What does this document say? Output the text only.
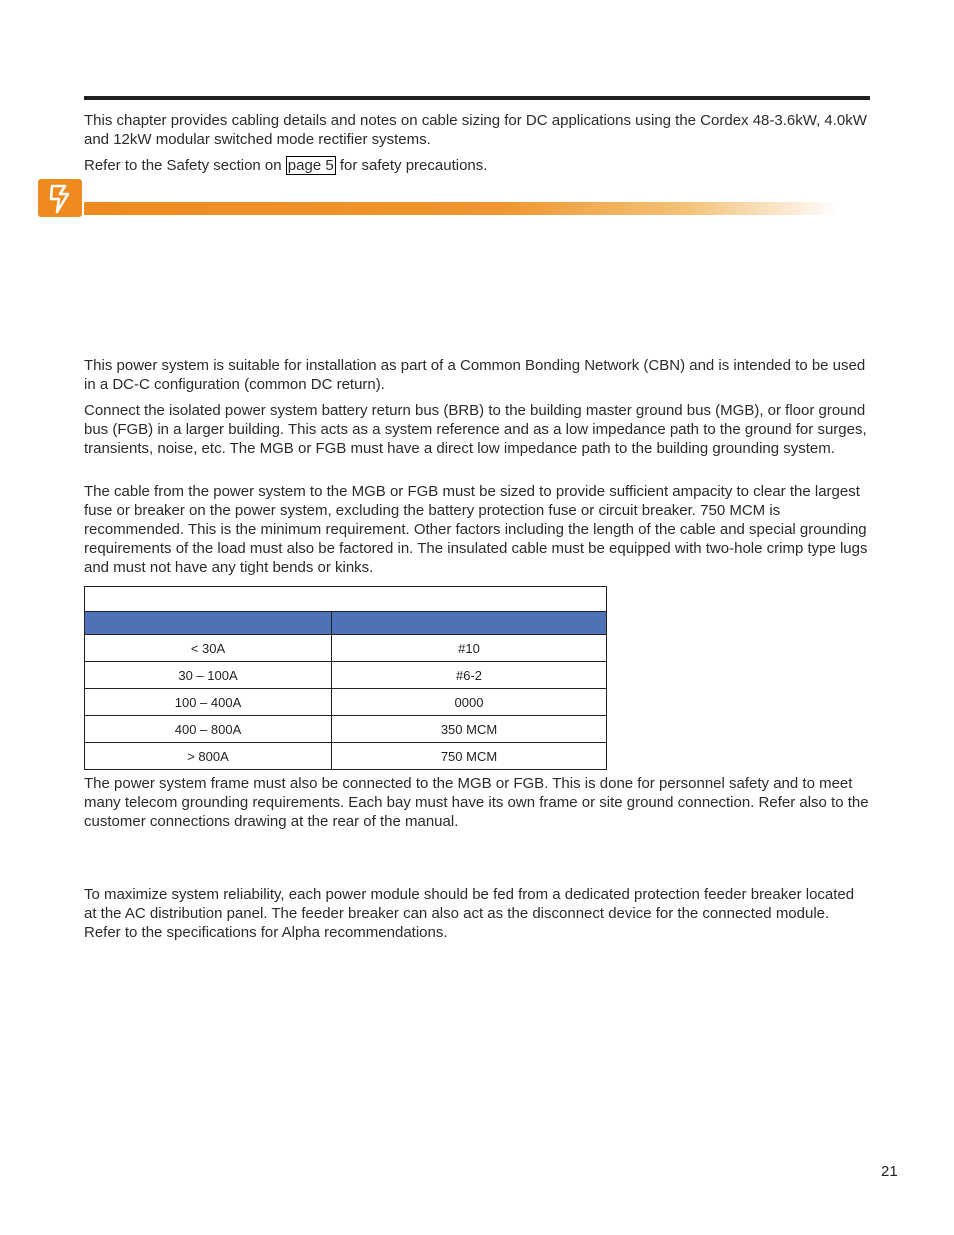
This chapter provides cabling details and notes on cable sizing for DC applications using the Cordex 48-3.6kW, 4.0kW and 12kW modular switched mode rectifier systems.

Refer to the Safety section on page 5 for safety precautions.

This power system is suitable for installation as part of a Common Bonding Network (CBN) and is intended to be used in a DC-C configuration (common DC return).

Connect the isolated power system battery return bus (BRB) to the building master ground bus (MGB), or floor ground bus (FGB) in a larger building. This acts as a system reference and as a low impedance path to the ground for surges, transients, noise, etc. The MGB or FGB must have a direct low impedance path to the building grounding system.

The cable from the power system to the MGB or FGB must be sized to provide sufficient ampacity to clear the largest fuse or breaker on the power system, excluding the battery protection fuse or circuit breaker. 750 MCM is recommended. This is the minimum requirement. Other factors including the length of the cable and special grounding requirements of the load must also be factored in. The insulated cable must be equipped with two-hole crimp type lugs and must not have any tight bends or kinks.

< 30A	#10
30 – 100A	#6-2
100 – 400A	0000
400 – 800A	350 MCM
> 800A	750 MCM

The power system frame must also be connected to the MGB or FGB. This is done for personnel safety and to meet many telecom grounding requirements. Each bay must have its own frame or site ground connection. Refer also to the customer connections drawing at the rear of the manual.

To maximize system reliability, each power module should be fed from a dedicated protection feeder breaker located at the AC distribution panel. The feeder breaker can also act as the disconnect device for the connected module. Refer to the specifications for Alpha recommendations.

21
